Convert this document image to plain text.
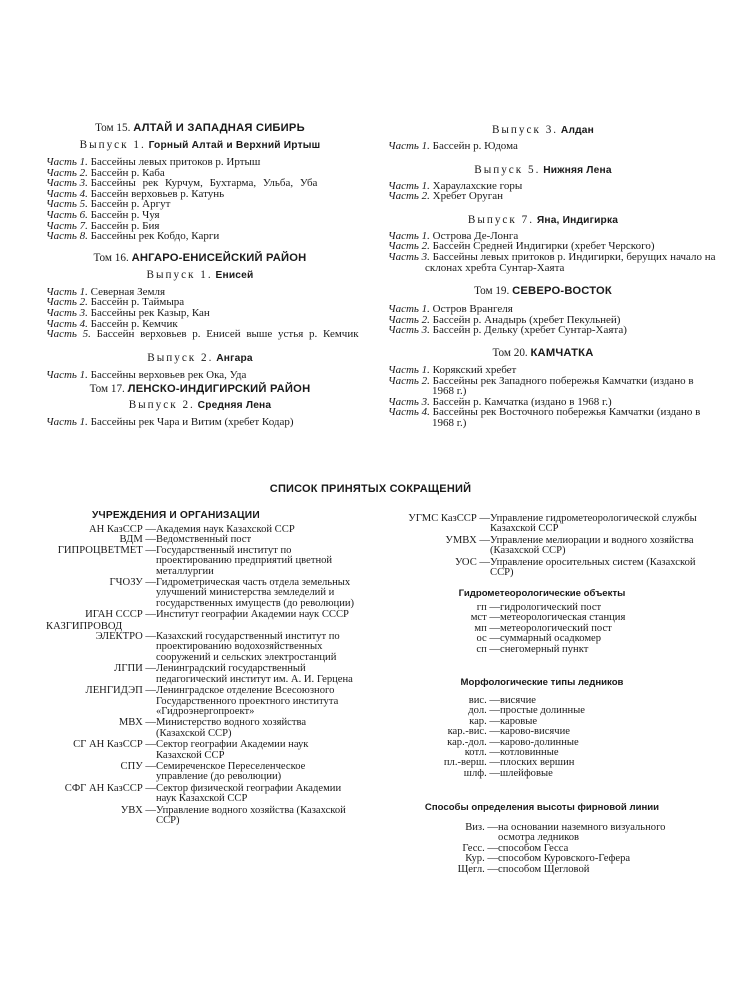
Том 15. АЛТАЙ И ЗАПАДНАЯ СИБИРЬ
Выпуск 1. Горный Алтай и Верхний Иртыш
Часть 1. Бассейны левых притоков р. Иртыш
Часть 2. Бассейн р. Каба
Часть 3. Бассейны рек Курчум, Бухтарма, Ульба, Уба
Часть 4. Бассейн верховьев р. Катунь
Часть 5. Бассейн р. Аргут
Часть 6. Бассейн р. Чуя
Часть 7. Бассейн р. Бия
Часть 8. Бассейны рек Кобдо, Карги
Том 16. АНГАРО-ЕНИСЕЙСКИЙ РАЙОН
Выпуск 1. Енисей
Часть 1. Северная Земля
Часть 2. Бассейн р. Таймыра
Часть 3. Бассейны рек Казыр, Кан
Часть 4. Бассейн р. Кемчик
Часть 5. Бассейн верховьев р. Енисей выше устья р. Кемчик
Выпуск 2. Ангара
Часть 1. Бассейны верховьев рек Ока, Уда
Том 17. ЛЕНСКО-ИНДИГИРСКИЙ РАЙОН
Выпуск 2. Средняя Лена
Часть 1. Бассейны рек Чара и Витим (хребет Кодар)
Выпуск 3. Алдан
Часть 1. Бассейн р. Юдома
Выпуск 5. Нижняя Лена
Часть 1. Хараулахские горы
Часть 2. Хребет Оруган
Выпуск 7. Яна, Индигирка
Часть 1. Острова Де-Лонга
Часть 2. Бассейн Средней Индигирки (хребет Черского)
Часть 3. Бассейны левых притоков р. Индигирки, берущих начало на склонах хребта Сунтар-Хаята
Том 19. СЕВЕРО-ВОСТОК
Часть 1. Остров Врангеля
Часть 2. Бассейн р. Анадырь (хребет Пекульней)
Часть 3. Бассейн р. Дельку (хребет Сунтар-Хаята)
Том 20. КАМЧАТКА
Часть 1. Корякский хребет
Часть 2. Бассейны рек Западного побережья Камчатки (издано в 1968 г.)
Часть 3. Бассейн р. Камчатка (издано в 1968 г.)
Часть 4. Бассейны рек Восточного побережья Камчатки (издано в 1968 г.)
СПИСОК ПРИНЯТЫХ СОКРАЩЕНИЙ
УЧРЕЖДЕНИЯ И ОРГАНИЗАЦИИ
АН КазССР — Академия наук Казахской ССР
ВДМ — Ведомственный пост
ГИПРОЦВЕТМЕТ — Государственный институт по проектированию предприятий цветной металлургии
ГЧОЗУ — Гидрометрическая часть отдела земельных улучшений министерства земледелий и государственных имуществ (до революции)
ИГАН СССР — Институт географии Академии наук СССР
КАЗГИПРОВОД
ЭЛЕКТРО — Казахский государственный институт по проектированию водохозяйственных сооружений и сельских электростанций
ЛГПИ — Ленинградский государственный педагогический институт им. А. И. Герцена
ЛЕНГИДЭП — Ленинградское отделение Всесоюзного Государственного проектного института «Гидроэнергопроект»
МВХ — Министерство водного хозяйства (Казахской ССР)
СГ АН КазССР — Сектор географии Академии наук Казахской ССР
СПУ — Семиреченское Переселенческое управление (до революции)
СФГ АН КазССР — Сектор физической географии Академии наук Казахской ССР
УВХ — Управление водного хозяйства (Казахской ССР)
УГМС КазССР — Управление гидрометеорологической службы Казахской ССР
УМВХ — Управление мелиорации и водного хозяйства (Казахской ССР)
УОС — Управление оросительных систем (Казахской ССР)
Гидрометеорологические объекты
гп — гидрологический пост
мст — метеорологическая станция
мп — метеорологический пост
ос — суммарный осадкомер
сп — снегомерный пункт
Морфологические типы ледников
вис. — висячие
дол. — простые долинные
кар. — каровые
кар.-вис. — карово-висячие
кар.-дол. — карово-долинные
котл. — котловинные
пл.-верш. — плоских вершин
шлф. — шлейфовые
Способы определения высоты фирновой линии
Виз. — на основании наземного визуального осмотра ледников
Гесс. — способом Гесса
Кур. — способом Куровского-Гефера
Щегл. — способом Щегловой
